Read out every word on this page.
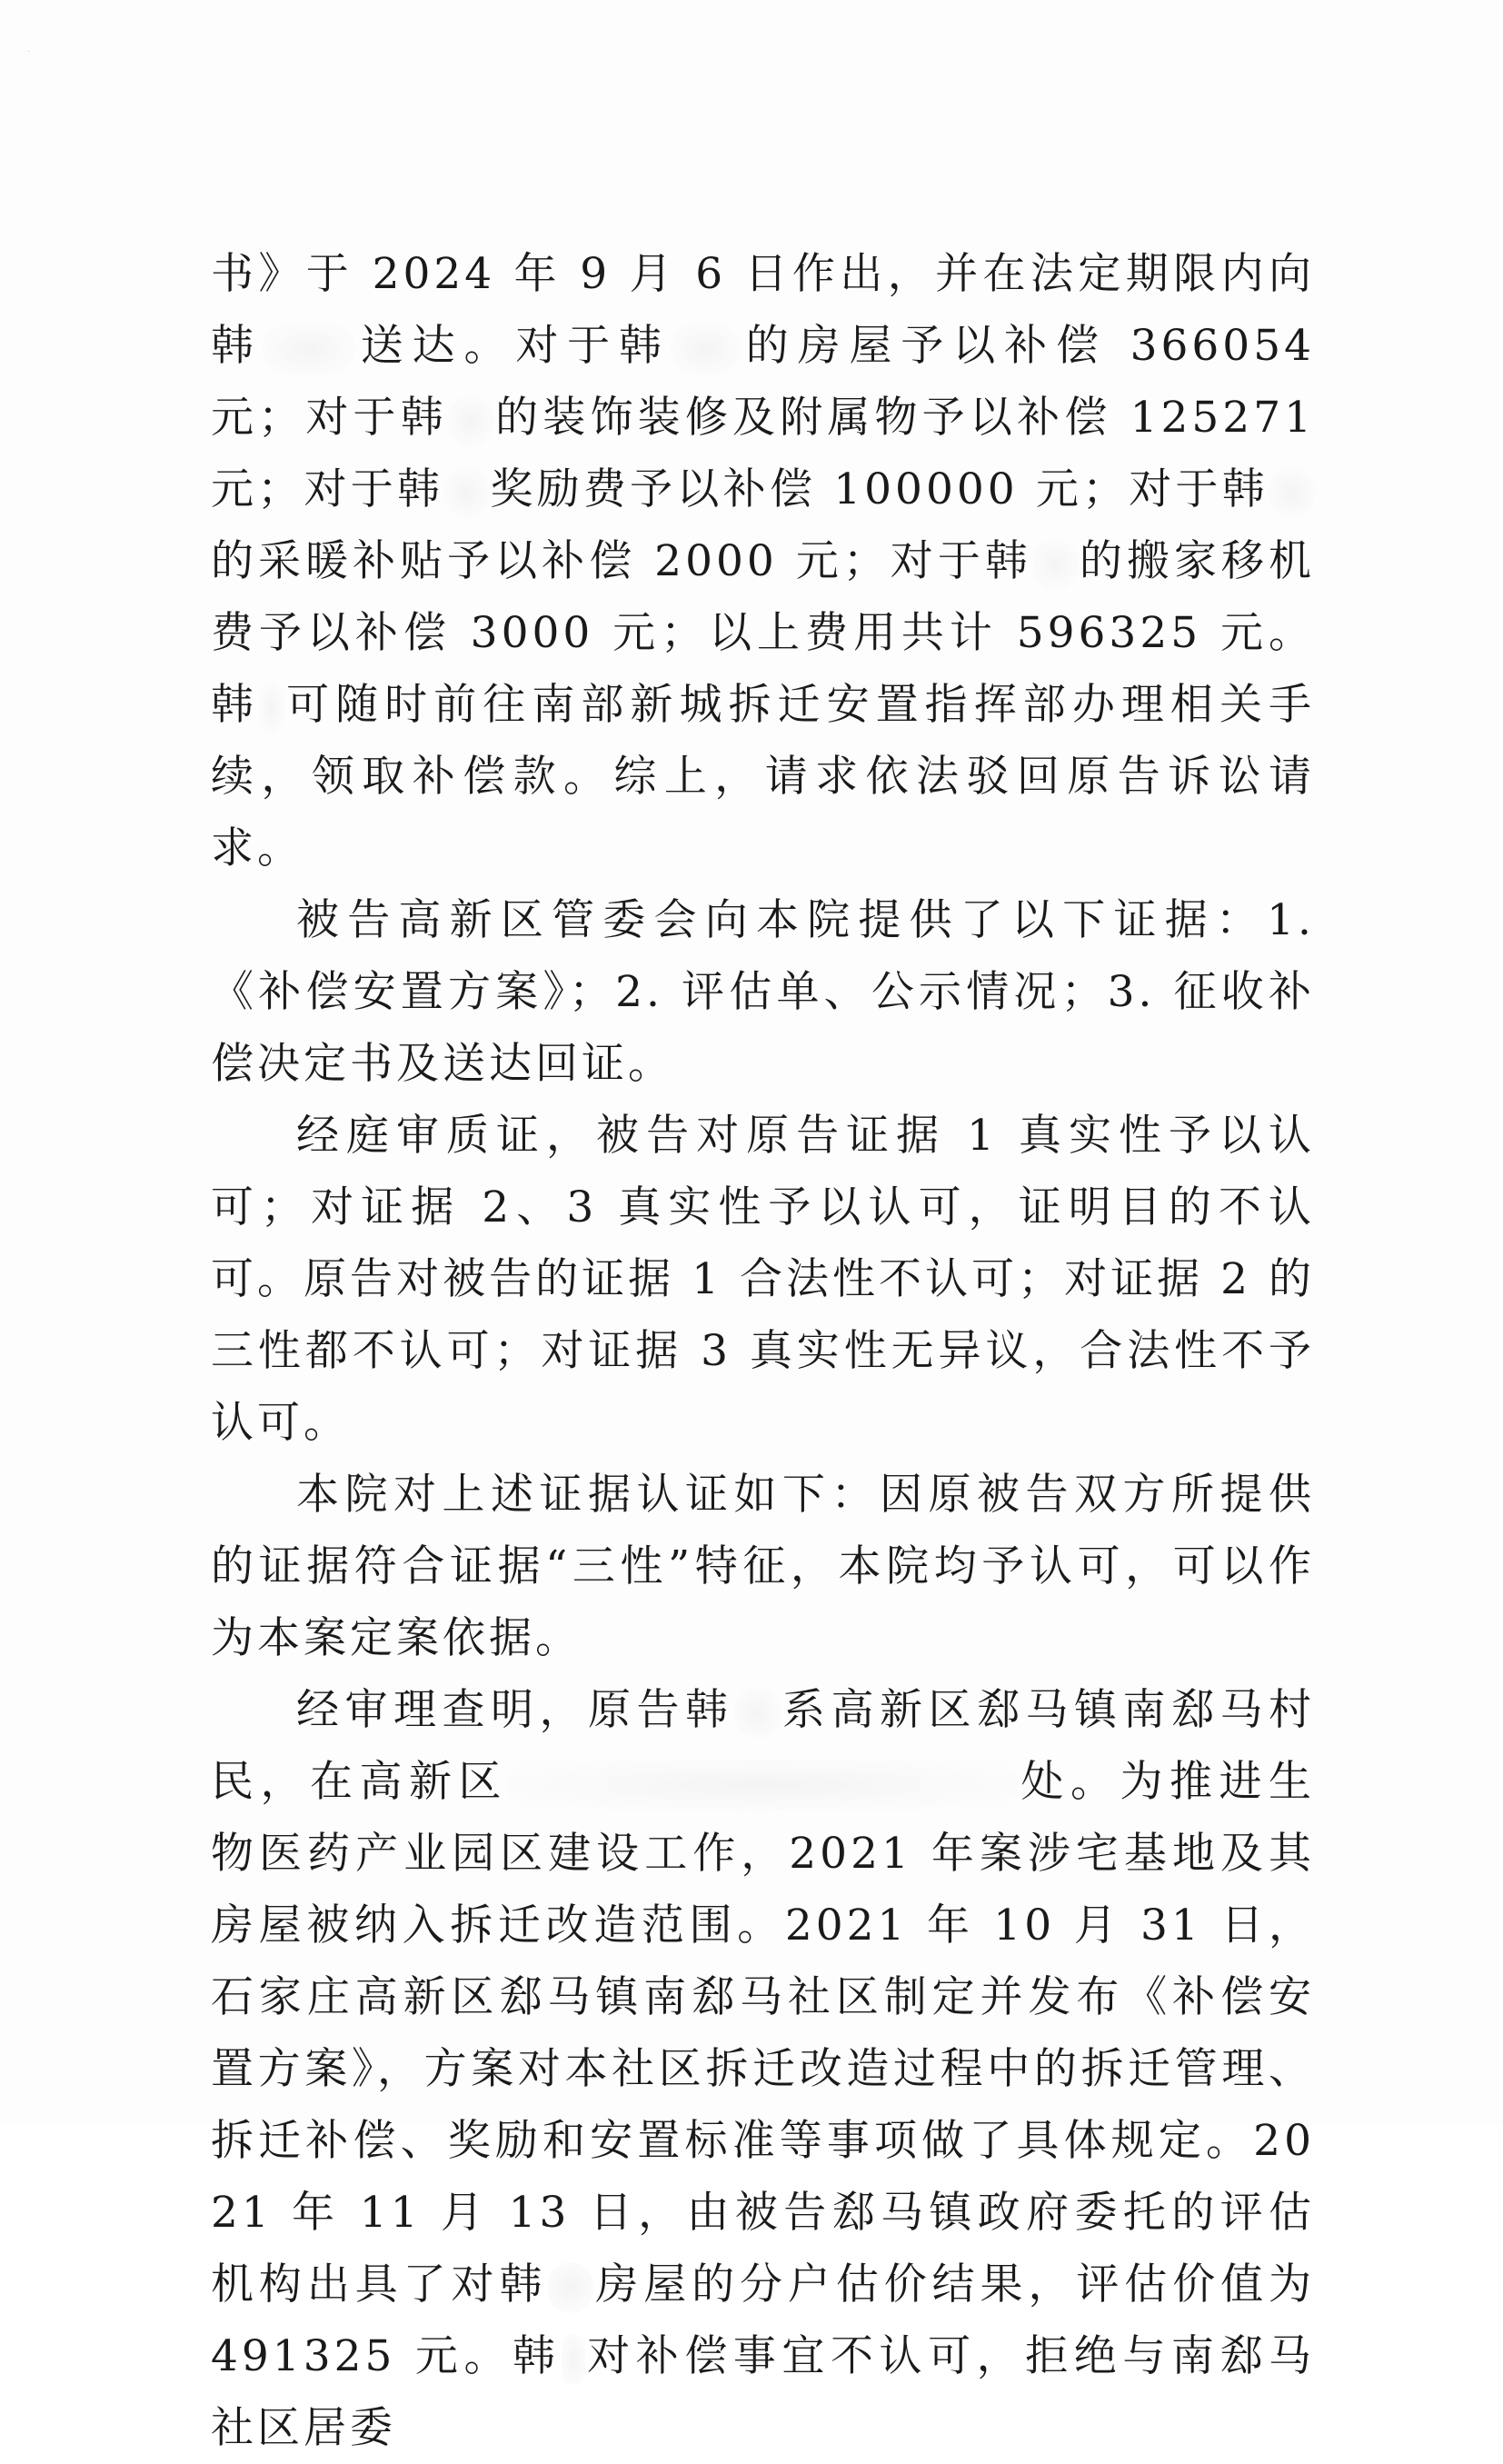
·

书》于 2024 年 9 月 6 日作出，并在法定期限内向韩 送达。对于韩 的房屋予以补偿 366054 元；对于韩 的装饰装修及附属物予以补偿 125271 元；对于韩 奖励费予以补偿 100000 元；对于韩的采暖补贴予以补偿 2000 元；对于韩 的搬家移机费予以补偿 3000 元；以上费用共计 596325 元。韩 可随时前往南部新城拆迁安置指挥部办理相关手续，领取补偿款。综上，请求依法驳回原告诉讼请求。

被告高新区管委会向本院提供了以下证据：1.《补偿安置方案》；2. 评估单、公示情况；3. 征收补偿决定书及送达回证。

经庭审质证，被告对原告证据 1 真实性予以认可；对证据 2、3 真实性予以认可，证明目的不认可。原告对被告的证据 1 合法性不认可；对证据 2 的三性都不认可；对证据 3 真实性无异议，合法性不予认可。

本院对上述证据认证如下：因原被告双方所提供的证据符合证据“三性”特征，本院均予认可，可以作为本案定案依据。

经审理查明，原告韩 系高新区郄马镇南郄马村民，在高新区	处。为推进生物医药产业园区建设工作，2021 年案涉宅基地及其房屋被纳入拆迁改造范围。2021 年 10 月 31 日，石家庄高新区郄马镇南郄马社区制定并发布《补偿安置方案》，方案对本社区拆迁改造过程中的拆迁管理、拆迁补偿、奖励和安置标准等事项做了具体规定。2021 年 11 月 13 日，由被告郄马镇政府委托的评估机构出具了对韩 房屋的分户估价结果，评估价值为 491325 元。韩 对补偿事宜不认可，拒绝与南郄马社区居委
